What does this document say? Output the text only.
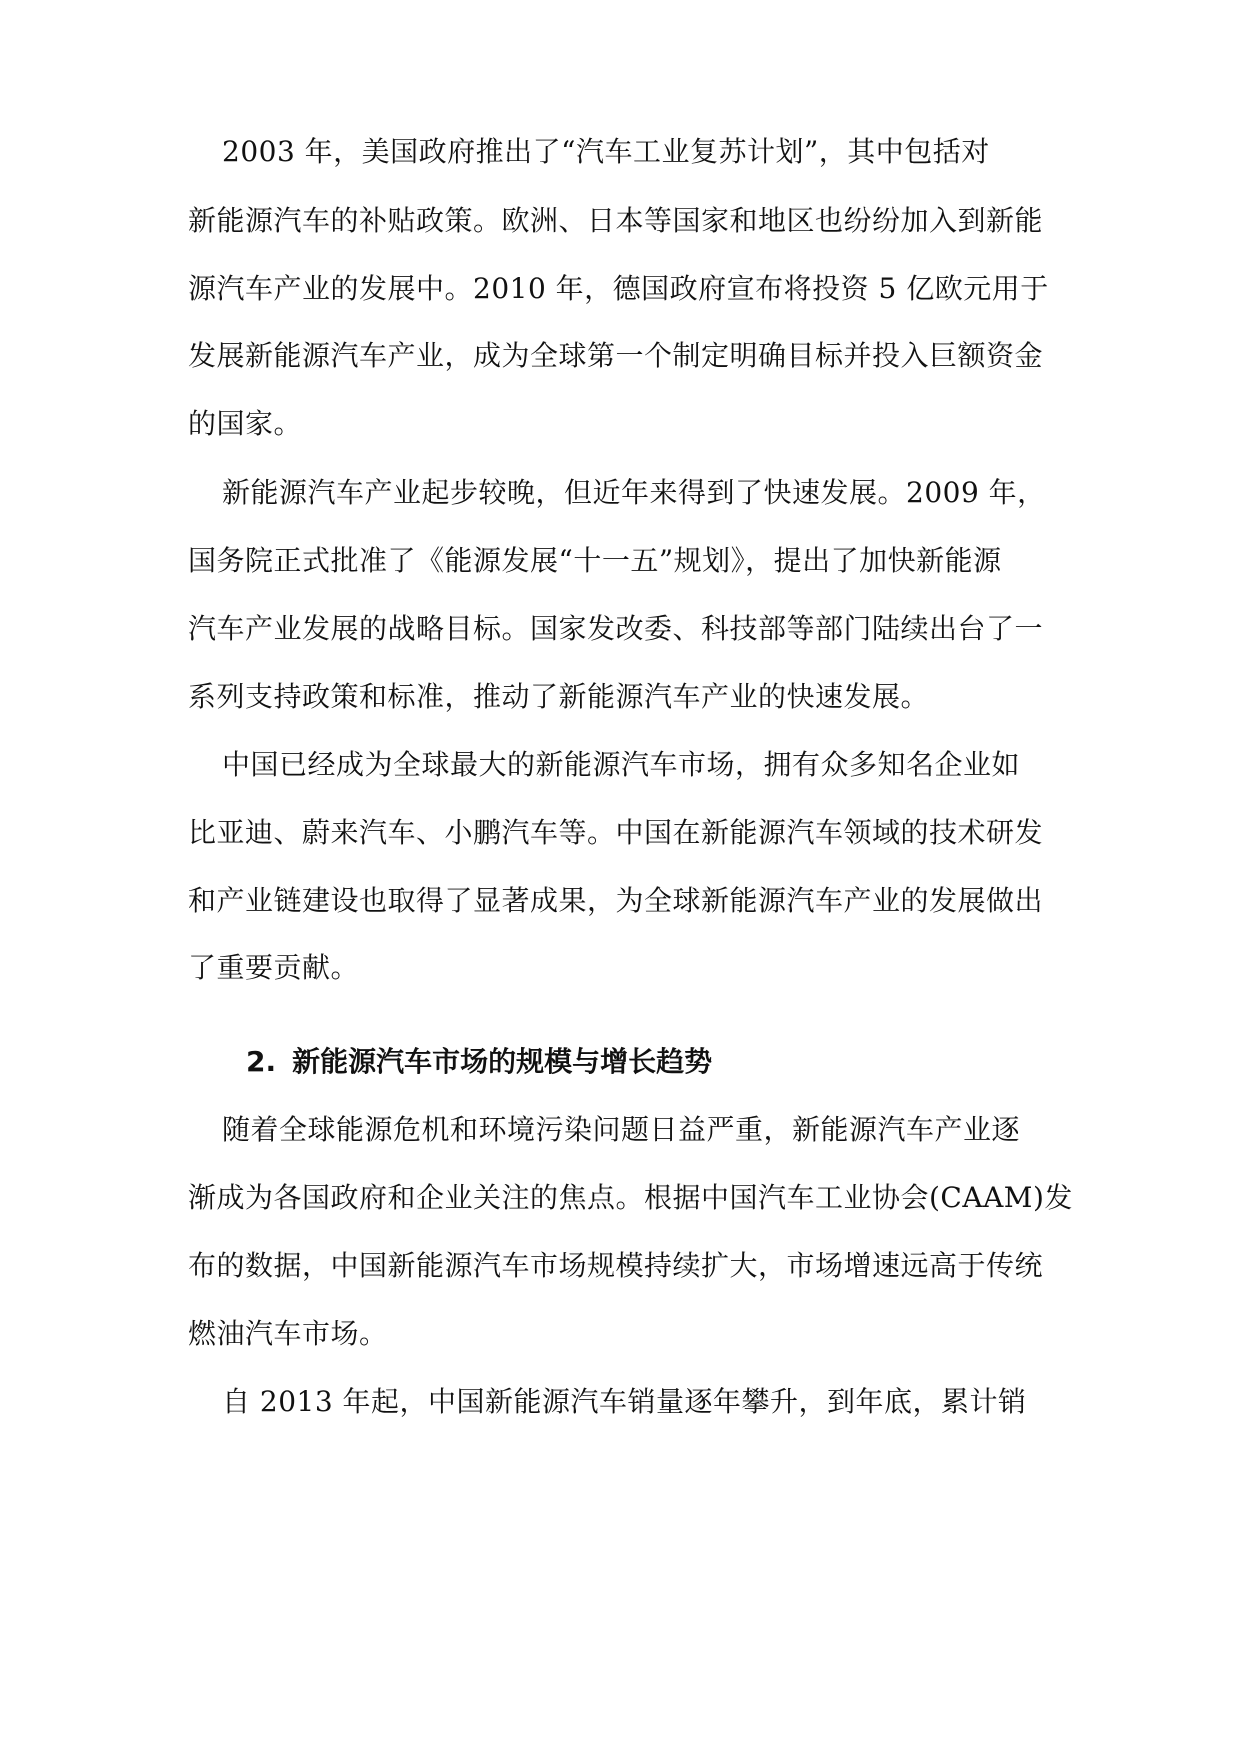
2003 年，美国政府推出了“汽车工业复苏计划”，其中包括对
新能源汽车的补贴政策。欧洲、日本等国家和地区也纷纷加入到新能
源汽车产业的发展中。2010 年，德国政府宣布将投资 5 亿欧元用于
发展新能源汽车产业，成为全球第一个制定明确目标并投入巨额资金
的国家。
新能源汽车产业起步较晚，但近年来得到了快速发展。2009 年，
国务院正式批准了《能源发展“十一五”规划》，提出了加快新能源
汽车产业发展的战略目标。国家发改委、科技部等部门陆续出台了一
系列支持政策和标准，推动了新能源汽车产业的快速发展。
中国已经成为全球最大的新能源汽车市场，拥有众多知名企业如
比亚迪、蔚来汽车、小鹏汽车等。中国在新能源汽车领域的技术研发
和产业链建设也取得了显著成果，为全球新能源汽车产业的发展做出
了重要贡献。
2. 新能源汽车市场的规模与增长趋势
随着全球能源危机和环境污染问题日益严重，新能源汽车产业逐
渐成为各国政府和企业关注的焦点。根据中国汽车工业协会(CAAM)发
布的数据，中国新能源汽车市场规模持续扩大，市场增速远高于传统
燃油汽车市场。
自 2013 年起，中国新能源汽车销量逐年攀升，到年底，累计销
